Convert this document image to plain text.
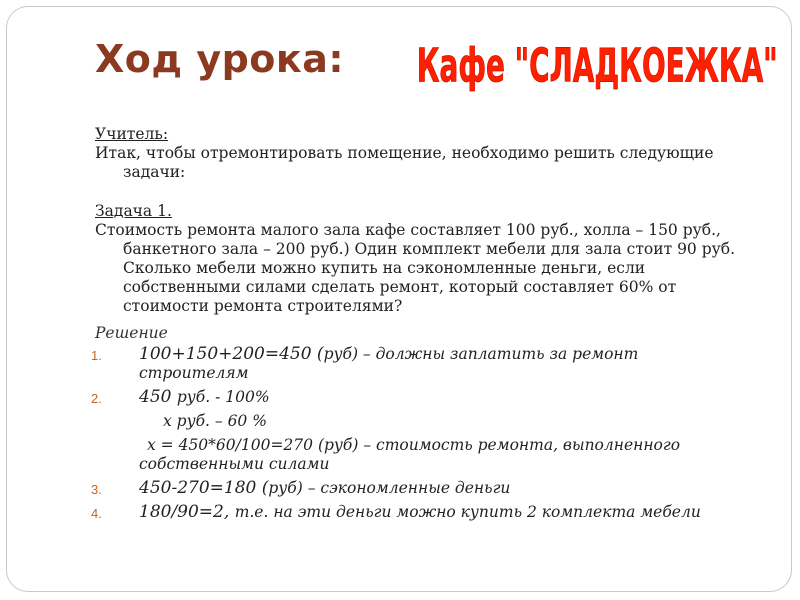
Ход урока: Кафе "СЛАДКОЕЖКА"
Учитель:

Итак, чтобы отремонтировать помещение, необходимо решить следующие задачи:

Задача 1.

Стоимость ремонта малого зала кафе составляет 100 руб., холла – 150 руб., банкетного зала – 200 руб.) Один комплект мебели для зала стоит 90 руб. Сколько мебели можно купить на сэкономленные деньги, если собственными силами сделать ремонт, который составляет 60% от стоимости ремонта строителями?

Решение
1. 100+150+200=450 (руб) – должны заплатить за ремонт строителям
2. 450 руб. - 100%
x руб. – 60 %
x = 450*60/100=270 (руб) – стоимость ремонта, выполненного собственными силами
3. 450-270=180 (руб) – сэкономленные деньги
4. 180/90=2, т.е. на эти деньги можно купить 2 комплекта мебели
